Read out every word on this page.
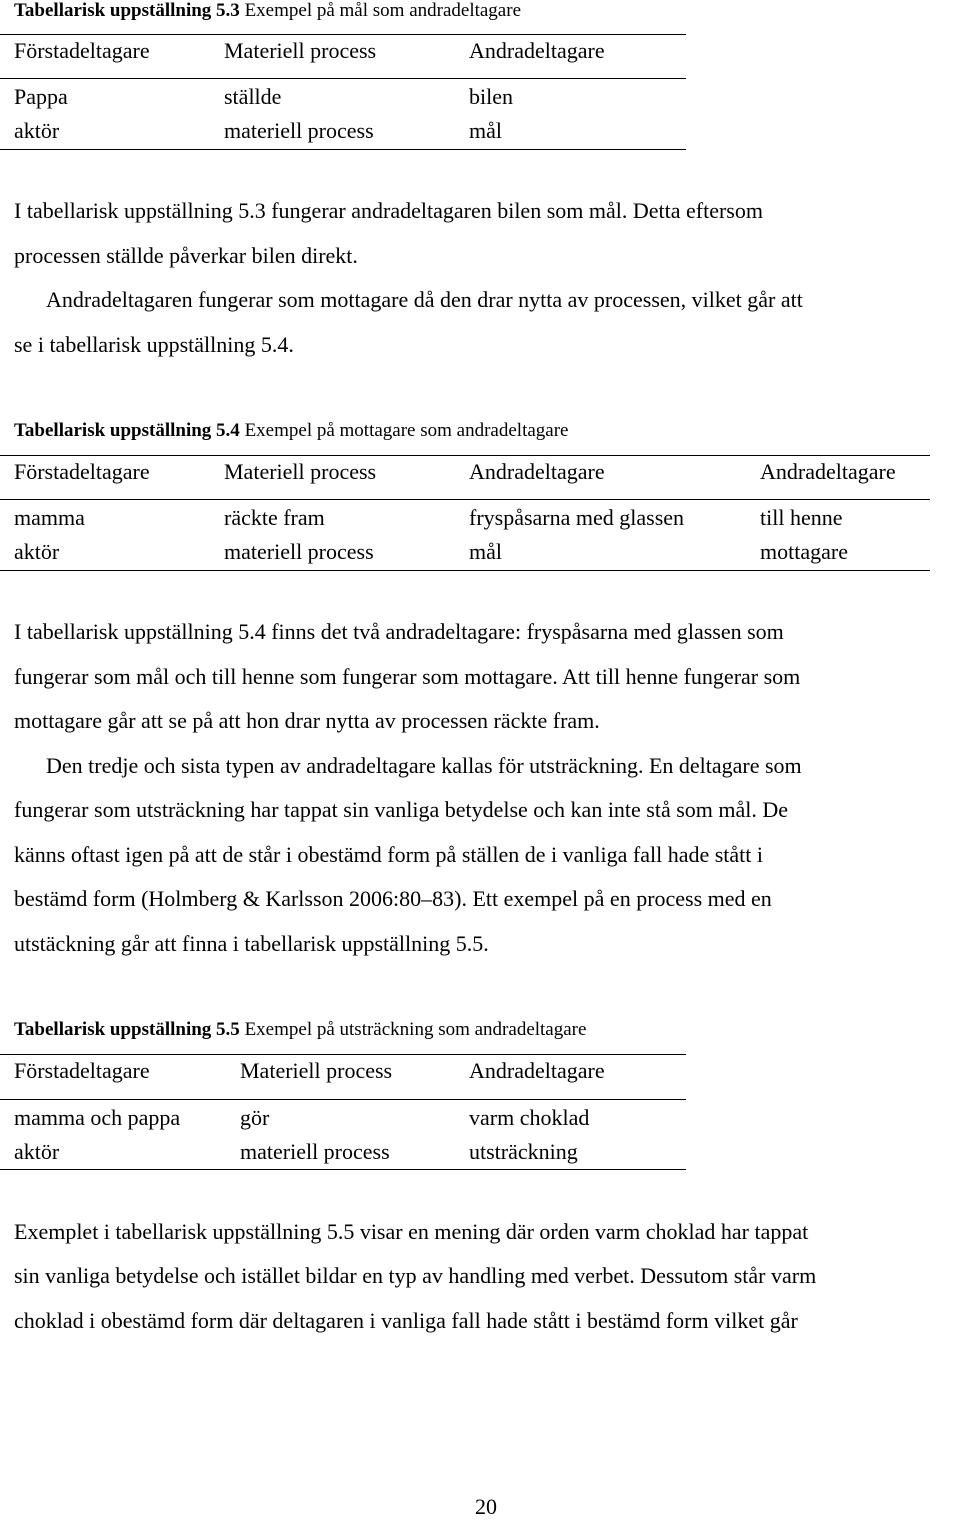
Tabellarisk uppställning 5.3 Exempel på mål som andradeltagare
Förstadeltagare	Materiell process	Andradeltagare
Pappa	ställde	bilen
aktör	materiell process	mål
I tabellarisk uppställning 5.3 fungerar andradeltagaren bilen som mål. Detta eftersom
processen ställde påverkar bilen direkt.
Andradeltagaren fungerar som mottagare då den drar nytta av processen, vilket går att
se i tabellarisk uppställning 5.4.
Tabellarisk uppställning 5.4 Exempel på mottagare som andradeltagare
Förstadeltagare	Materiell process	Andradeltagare	Andradeltagare
mamma	räckte fram	fryspåsarna med glassen	till henne
aktör	materiell process	mål	mottagare
I tabellarisk uppställning 5.4 finns det två andradeltagare: fryspåsarna med glassen som
fungerar som mål och till henne som fungerar som mottagare. Att till henne fungerar som
mottagare går att se på att hon drar nytta av processen räckte fram.
Den tredje och sista typen av andradeltagare kallas för utsträckning. En deltagare som
fungerar som utsträckning har tappat sin vanliga betydelse och kan inte stå som mål. De
känns oftast igen på att de står i obestämd form på ställen de i vanliga fall hade stått i
bestämd form (Holmberg & Karlsson 2006:80–83). Ett exempel på en process med en
utstäckning går att finna i tabellarisk uppställning 5.5.
Tabellarisk uppställning 5.5 Exempel på utsträckning som andradeltagare
Förstadeltagare	Materiell process	Andradeltagare
mamma och pappa	gör	varm choklad
aktör	materiell process	utsträckning
Exemplet i tabellarisk uppställning 5.5 visar en mening där orden varm choklad har tappat
sin vanliga betydelse och istället bildar en typ av handling med verbet. Dessutom står varm
choklad i obestämd form där deltagaren i vanliga fall hade stått i bestämd form vilket går
20
